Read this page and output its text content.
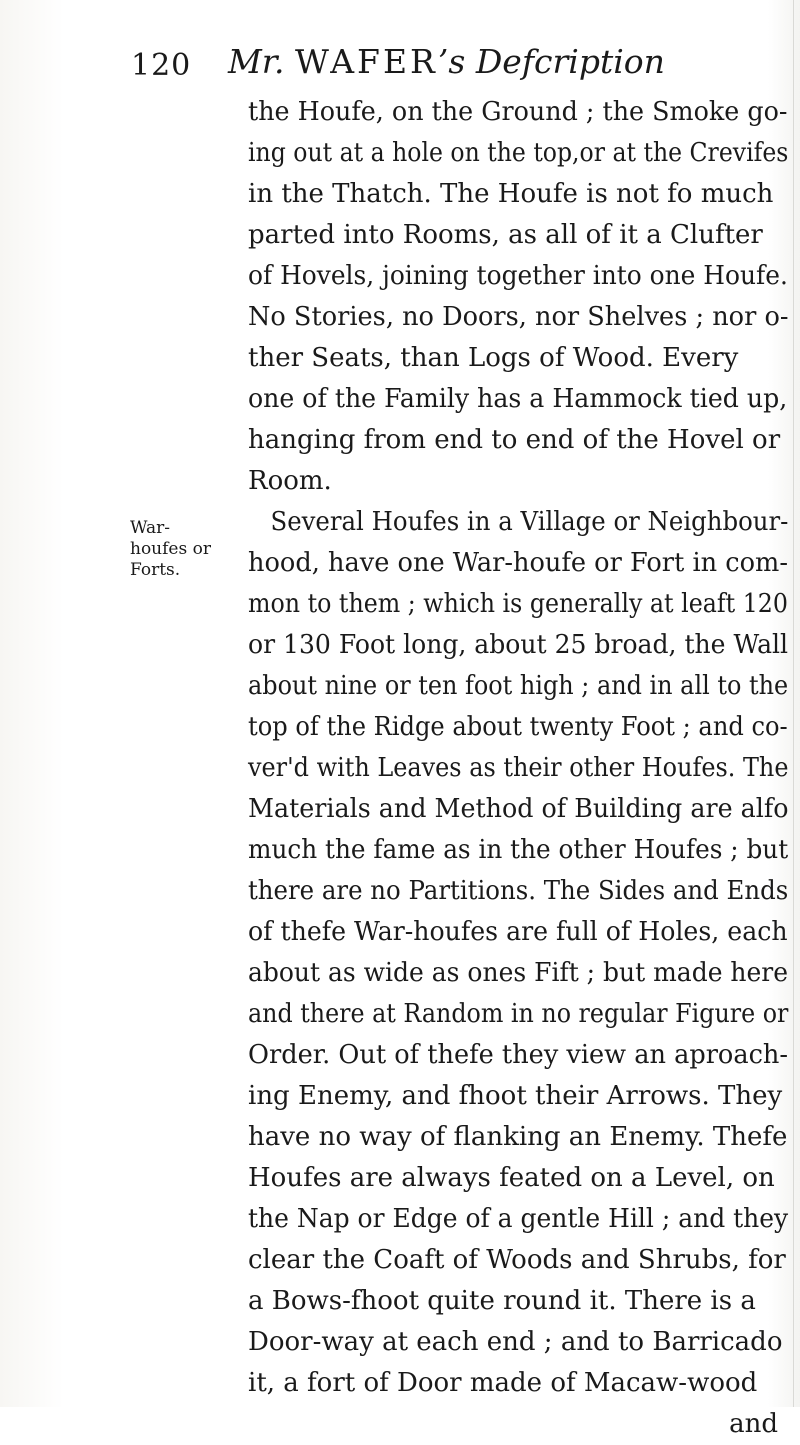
120 Mr. WAFER’s Defcription
War-
houfes or
Forts.
the Houfe, on the Ground ; the Smoke go-
ing out at a hole on the top,or at the Crevifes
in the Thatch. The Houfe is not fo much
parted into Rooms, as all of it a Clufter
of Hovels, joining together into one Houfe.
No Stories, no Doors, nor Shelves ; nor o-
ther Seats, than Logs of Wood. Every
one of the Family has a Hammock tied up,
hanging from end to end of the Hovel or
Room.
Several Houfes in a Village or Neighbour-
hood, have one War-houfe or Fort in com-
mon to them ; which is generally at leaft 120
or 130 Foot long, about 25 broad, the Wall
about nine or ten foot high ; and in all to the
top of the Ridge about twenty Foot ; and co-
ver'd with Leaves as their other Houfes. The
Materials and Method of Building are alfo
much the fame as in the other Houfes ; but
there are no Partitions. The Sides and Ends
of thefe War-houfes are full of Holes, each
about as wide as ones Fift ; but made here
and there at Random in no regular Figure or
Order. Out of thefe they view an aproach-
ing Enemy, and fhoot their Arrows. They
have no way of flanking an Enemy. Thefe
Houfes are always feated on a Level, on
the Nap or Edge of a gentle Hill ; and they
clear the Coaft of Woods and Shrubs, for
a Bows-fhoot quite round it. There is a
Door-way at each end ; and to Barricado
it, a fort of Door made of Macaw-wood
and
